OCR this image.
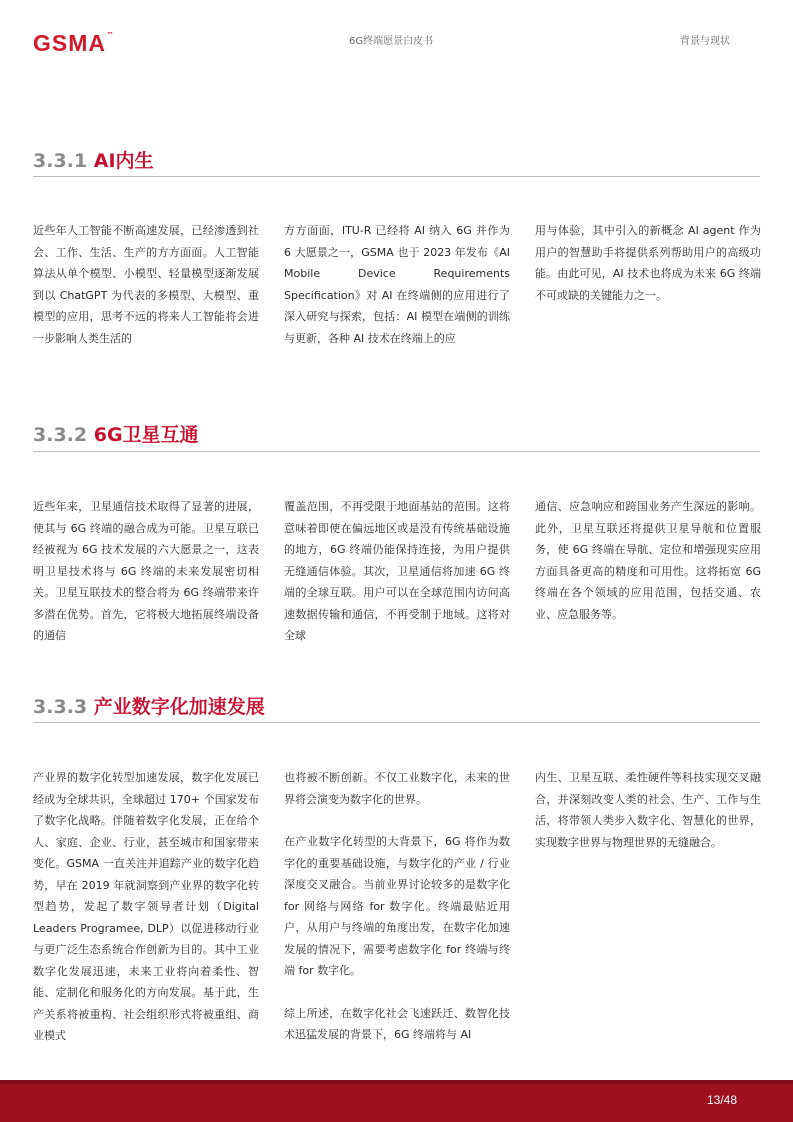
GSMA™
6G终端愿景白皮书	背景与现状
3.3.1 AI内生

近些年人工智能不断高速发展，已经渗透到社会、工作、生活、生产的方方面面。人工智能算法从单个模型、小模型、轻量模型逐渐发展到以 ChatGPT 为代表的多模型、大模型、重模型的应用，思考不远的将来人工智能将会进一步影响人类生活的

方方面面，ITU-R 已经将 AI 纳入 6G 并作为 6 大愿景之一，GSMA 也于 2023 年发布《AI Mobile Device Requirements Specification》对 AI 在终端侧的应用进行了深入研究与探索，包括：AI 模型在端侧的训练与更新，各种 AI 技术在终端上的应

用与体验，其中引入的新概念 AI agent 作为用户的智慧助手将提供系列帮助用户的高级功能。由此可见，AI 技术也将成为未来 6G 终端不可或缺的关键能力之一。

3.3.2 6G卫星互通

近些年来，卫星通信技术取得了显著的进展，使其与 6G 终端的融合成为可能。卫星互联已经被视为 6G 技术发展的六大愿景之一，这表明卫星技术将与 6G 终端的未来发展密切相关。卫星互联技术的整合将为 6G 终端带来许多潜在优势。首先，它将极大地拓展终端设备的通信

覆盖范围，不再受限于地面基站的范围。这将意味着即使在偏远地区或是没有传统基础设施的地方，6G 终端仍能保持连接，为用户提供无缝通信体验。其次，卫星通信将加速 6G 终端的全球互联。用户可以在全球范围内访问高速数据传输和通信，不再受制于地域。这将对全球

通信、应急响应和跨国业务产生深远的影响。此外，卫星互联还将提供卫星导航和位置服务，使 6G 终端在导航、定位和增强现实应用方面具备更高的精度和可用性。这将拓宽 6G 终端在各个领域的应用范围，包括交通、农业、应急服务等。

3.3.3 产业数字化加速发展

产业界的数字化转型加速发展，数字化发展已经成为全球共识，全球超过 170+ 个国家发布了数字化战略。伴随着数字化发展，正在给个人、家庭、企业、行业，甚至城市和国家带来变化。GSMA 一直关注并追踪产业的数字化趋势，早在 2019 年就洞察到产业界的数字化转型趋势，发起了数字领导者计划（Digital Leaders Programee, DLP）以促进移动行业与更广泛生态系统合作创新为目的。其中工业数字化发展迅速，未来工业将向着柔性、智能、定制化和服务化的方向发展。基于此，生产关系将被重构、社会组织形式将被重组、商业模式

也将被不断创新。不仅工业数字化，未来的世界将会演变为数字化的世界。

在产业数字化转型的大背景下，6G 将作为数字化的重要基础设施，与数字化的产业 / 行业深度交叉融合。当前业界讨论较多的是数字化 for 网络与网络 for 数字化。终端最贴近用户，从用户与终端的角度出发，在数字化加速发展的情况下，需要考虑数字化 for 终端与终端 for 数字化。

综上所述，在数字化社会飞速跃迁、数智化技术迅猛发展的背景下，6G 终端将与 AI

内生、卫星互联、柔性硬件等科技实现交叉融合，并深刻改变人类的社会、生产、工作与生活，将带领人类步入数字化、智慧化的世界，实现数字世界与物理世界的无缝融合。

13/48
